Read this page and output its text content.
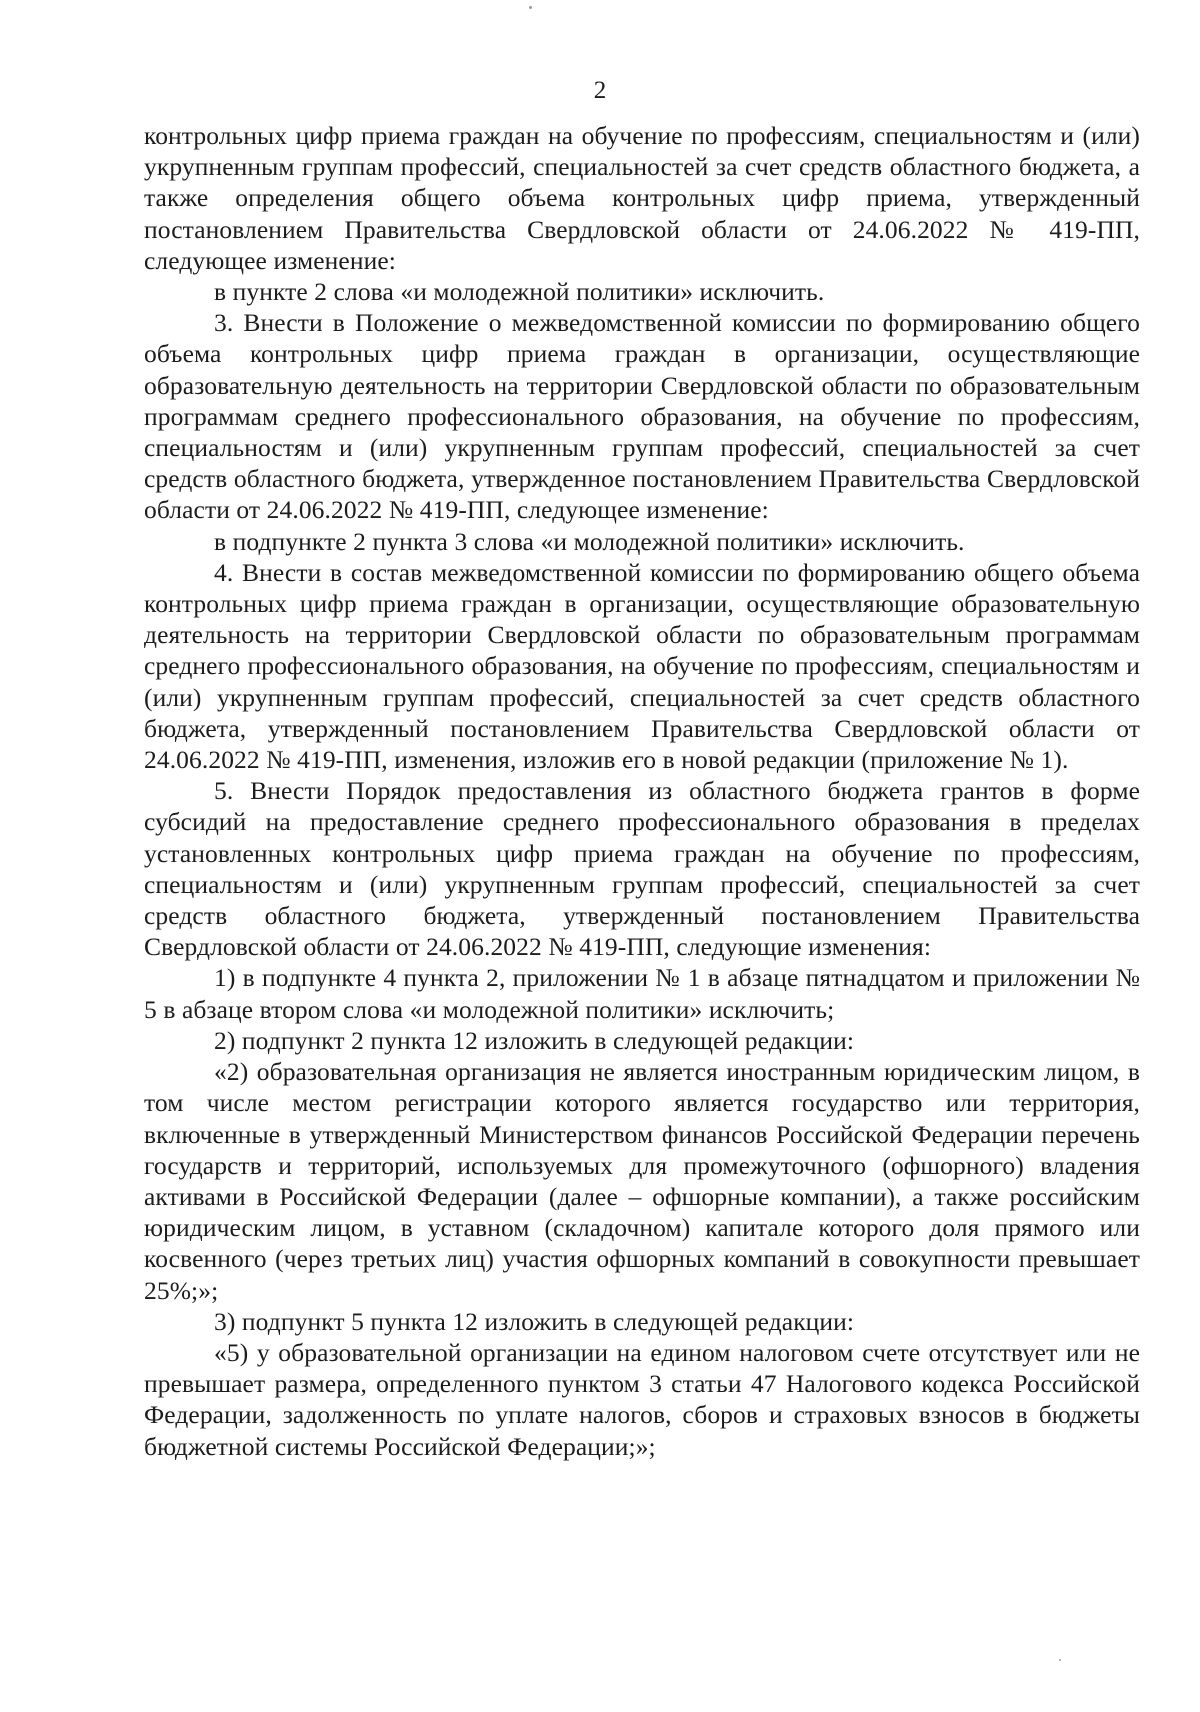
2

контрольных цифр приема граждан на обучение по профессиям, специальностям и (или) укрупненным группам профессий, специальностей за счет средств областного бюджета, а также определения общего объема контрольных цифр приема, утвержденный постановлением Правительства Свердловской области от 24.06.2022 № 419-ПП, следующее изменение:

в пункте 2 слова «и молодежной политики» исключить.

3. Внести в Положение о межведомственной комиссии по формированию общего объема контрольных цифр приема граждан в организации, осуществляющие образовательную деятельность на территории Свердловской области по образовательным программам среднего профессионального образования, на обучение по профессиям, специальностям и (или) укрупненным группам профессий, специальностей за счет средств областного бюджета, утвержденное постановлением Правительства Свердловской области от 24.06.2022 № 419-ПП, следующее изменение:

в подпункте 2 пункта 3 слова «и молодежной политики» исключить.

4. Внести в состав межведомственной комиссии по формированию общего объема контрольных цифр приема граждан в организации, осуществляющие образовательную деятельность на территории Свердловской области по образовательным программам среднего профессионального образования, на обучение по профессиям, специальностям и (или) укрупненным группам профессий, специальностей за счет средств областного бюджета, утвержденный постановлением Правительства Свердловской области от 24.06.2022 № 419-ПП, изменения, изложив его в новой редакции (приложение № 1).

5. Внести Порядок предоставления из областного бюджета грантов в форме субсидий на предоставление среднего профессионального образования в пределах установленных контрольных цифр приема граждан на обучение по профессиям, специальностям и (или) укрупненным группам профессий, специальностей за счет средств областного бюджета, утвержденный постановлением Правительства Свердловской области от 24.06.2022 № 419-ПП, следующие изменения:

1) в подпункте 4 пункта 2, приложении № 1 в абзаце пятнадцатом и приложении № 5 в абзаце втором слова «и молодежной политики» исключить;

2) подпункт 2 пункта 12 изложить в следующей редакции:

«2) образовательная организация не является иностранным юридическим лицом, в том числе местом регистрации которого является государство или территория, включенные в утвержденный Министерством финансов Российской Федерации перечень государств и территорий, используемых для промежуточного (офшорного) владения активами в Российской Федерации (далее – офшорные компании), а также российским юридическим лицом, в уставном (складочном) капитале которого доля прямого или косвенного (через третьих лиц) участия офшорных компаний в совокупности превышает 25%;»;

3) подпункт 5 пункта 12 изложить в следующей редакции:

«5) у образовательной организации на едином налоговом счете отсутствует или не превышает размера, определенного пунктом 3 статьи 47 Налогового кодекса Российской Федерации, задолженность по уплате налогов, сборов и страховых взносов в бюджеты бюджетной системы Российской Федерации;»;
